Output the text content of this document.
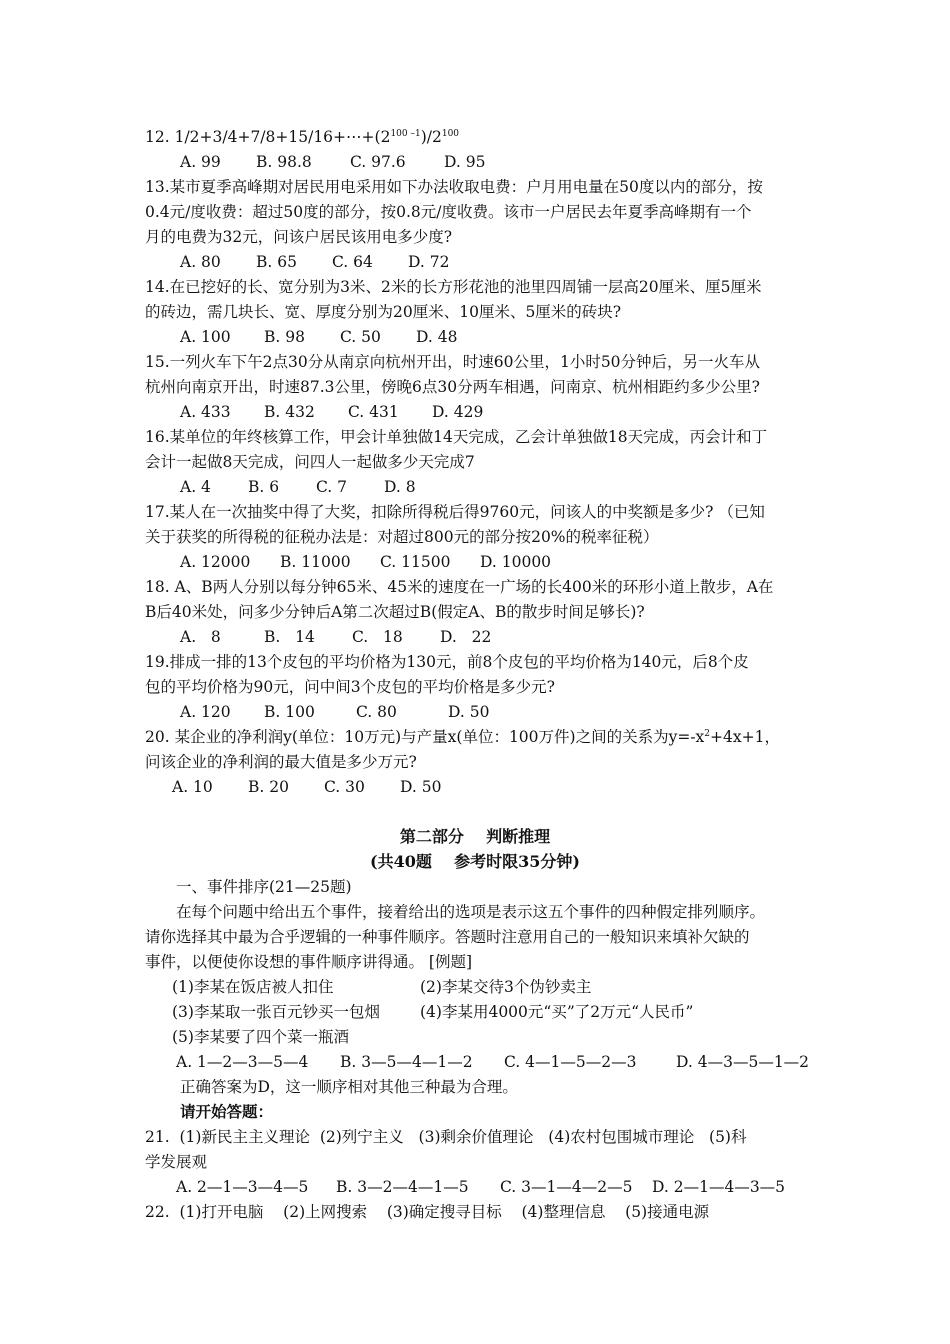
12. $1/2+3/4+7/8+15/16+\cdots+(2^{100 -1})/2^{100}$
A. 99 B. 98.8 C. 97.6 D. 95
13.某市夏季高峰期对居民用电采用如下办法收取电费：户月用电量在50度以内的部分，按
0.4元/度收费：超过50度的部分，按0.8元/度收费。该市一户居民去年夏季高峰期有一个
月的电费为32元，问该户居民该用电多少度?
A. 80 B. 65 C. 64 D. 72
14.在已挖好的长、宽分别为3米、2米的长方形花池的池里四周铺一层高20厘米、厘5厘米
的砖边，需几块长、宽、厚度分别为20厘米、10厘米、5厘米的砖块?
A. 100 B. 98 C. 50 D. 48
15.一列火车下午2点30分从南京向杭州开出，时速60公里，1小时50分钟后，另一火车从
杭州向南京开出，时速87.3公里，傍晚6点30分两车相遇，问南京、杭州相距约多少公里?
A. 433 B. 432 C. 431 D. 429
16.某单位的年终核算工作，甲会计单独做14天完成，乙会计单独做18天完成，丙会计和丁
会计一起做8天完成，问四人一起做多少天完成7
A. 4 B. 6 C. 7 D. 8
17.某人在一次抽奖中得了大奖，扣除所得税后得9760元，问该人的中奖额是多少? （已知
关于获奖的所得税的征税办法是：对超过800元的部分按20%的税率征税）
A. 12000 B. 11000 C. 11500 D. 10000
18. A、B两人分别以每分钟65米、45米的速度在一广场的长400米的环形小道上散步，A在
B后40米处，问多少分钟后A第二次超过B(假定A、B的散步时间足够长)?
A.   8	B.   14 C.   18 D.   22
19.排成一排的13个皮包的平均价格为130元，前8个皮包的平均价格为140元，后8个皮
包的平均价格为90元，问中间3个皮包的平均价格是多少元?
A. 120 B. 100	C. 80	D. 50
20. 某企业的净利润y(单位：10万元)与产量x(单位：100万件)之间的关系为$y=-x^2+4x+1$，
问该企业的净利润的最大值是多少万元?
A. 10 B. 20 C. 30 D. 50
第二部分    判断推理
(共40题    参考时限35分钟)
一、事件排序(21—25题)
在每个问题中给出五个事件，接着给出的选项是表示这五个事件的四种假定排列顺序。
请你选择其中最为合乎逻辑的一种事件顺序。答题时注意用自己的一般知识来填补欠缺的
事件，以便使你设想的事件顺序讲得通。 [例题]
(1)李某在饭店被人扣住	(2)李某交待3个伪钞卖主
(3)李某取一张百元钞买一包烟	(4)李某用4000元“买”了2万元“人民币”
(5)李某要了四个菜一瓶酒
A. 1—2—3—5—4 B. 3—5—4—1—2 C. 4—1—5—2—3	D. 4—3—5—1—2
正确答案为D，这一顺序相对其他三种最为合理。
请开始答题：
21.  (1)新民主主义理论  (2)列宁主义   (3)剩余价值理论   (4)农村包围城市理论   (5)科
学发展观
A. 2—1—3—4—5 B. 3—2—4—1—5 C. 3—1—4—2—5 D. 2—1—4—3—5
22.  (1)打开电脑    (2)上网搜索    (3)确定搜寻目标    (4)整理信息    (5)接通电源
